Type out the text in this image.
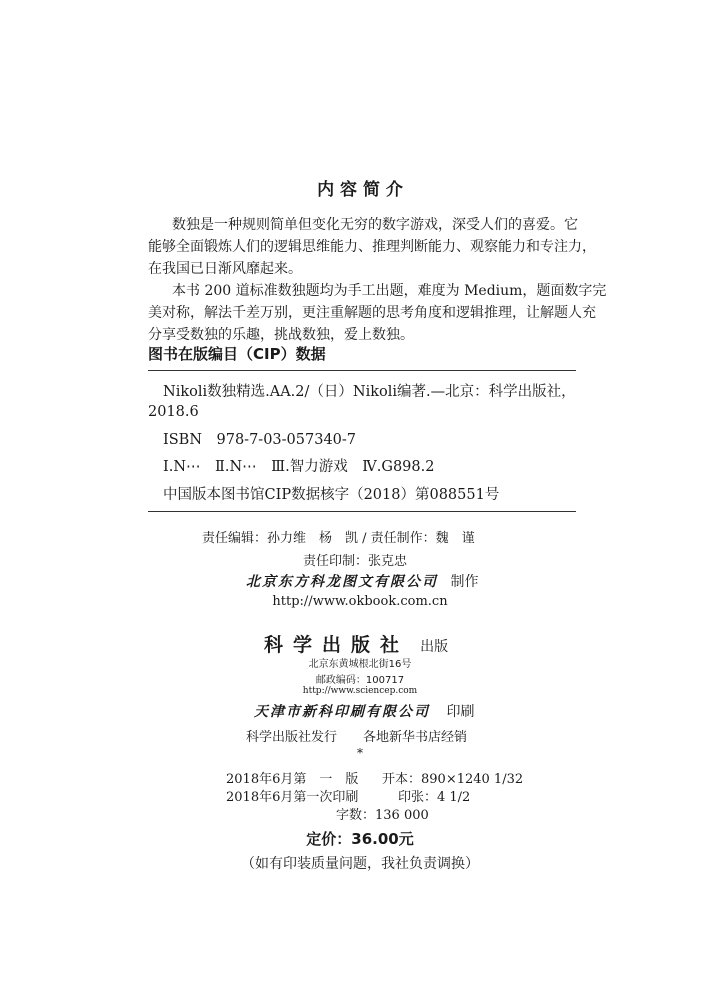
内 容 简 介

数独是一种规则简单但变化无穷的数字游戏，深受人们的喜爱。它

能够全面锻炼人们的逻辑思维能力、推理判断能力、观察能力和专注力，

在我国已日渐风靡起来。

本书 200 道标准数独题均为手工出题，难度为 Medium，题面数字完

美对称，解法千差万别，更注重解题的思考角度和逻辑推理，让解题人充

分享受数独的乐趣，挑战数独，爱上数独。

图书在版编目（CIP）数据
Nikoli数独精选.AA.2/（日）Nikoli编著.—北京：科学出版社，
2018.6
ISBN　978-7-03-057340-7
Ⅰ.N⋯　Ⅱ.N⋯　Ⅲ.智力游戏　Ⅳ.G898.2
中国版本图书馆CIP数据核字（2018）第088551号
责任编辑：孙力维　杨　凯 / 责任制作：魏　谨
责任印制：张克忠
北京东方科龙图文有限公司 制作
http://www.okbook.com.cn
科学出版社 出版
北京东黄城根北街16号
邮政编码：100717
http://www.sciencep.com
天津市新科印刷有限公司 印刷
科学出版社发行　　各地新华书店经销
*
2018年6月第　一　版 开本：890×1240 1/32
2018年6月第一次印刷	印张：4 1/2
字数：136 000
定价：36.00元
（如有印装质量问题，我社负责调换）
